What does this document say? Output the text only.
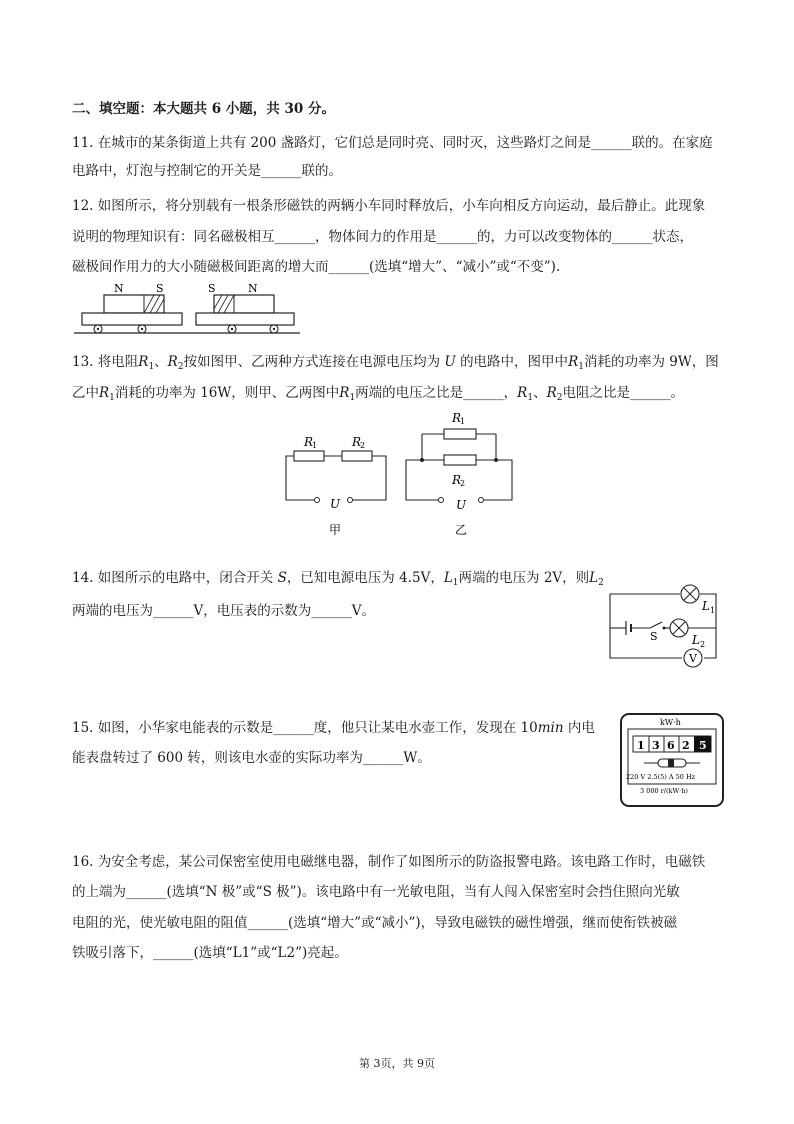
二、填空题：本大题共 6 小题，共 30 分。
11. 在城市的某条街道上共有 200 盏路灯，它们总是同时亮、同时灭，这些路灯之间是______联的。在家庭
电路中，灯泡与控制它的开关是______联的。
12. 如图所示，将分别载有一根条形磁铁的两辆小车同时释放后，小车向相反方向运动，最后静止。此现象
说明的物理知识有：同名磁极相互______，物体间力的作用是______的，力可以改变物体的______状态，
磁极间作用力的大小随磁极间距离的增大而______(选填“增大”、“减小”或“不变”).
N	S	S	N
13. 将电阻$R_1$、$R_2$按如图甲、乙两种方式连接在电源电压均为 U 的电路中，图甲中$R_1$消耗的功率为 9W，图
乙中$R_1$消耗的功率为 16W，则甲、乙两图中$R_1$两端的电压之比是______，$R_1$、$R_2$电阻之比是______。
R
1	R
2
U
甲
R
1
R
2
U
乙
14. 如图所示的电路中，闭合开关 S，已知电源电压为 4.5V，$L_1$两端的电压为 2V，则$L_2$
两端的电压为______V，电压表的示数为______V。	L 1
S	L 2
V
15. 如图，小华家电能表的示数是______度，他只让某电水壶工作，发现在 10min 内电
能表盘转过了 600 转，则该电水壶的实际功率为______W。
kW·h
1 3 6 2 5
220 V 2.5(5) A 50 Hz
3 000 r/(kW·h)
16. 为安全考虑，某公司保密室使用电磁继电器，制作了如图所示的防盗报警电路。该电路工作时，电磁铁
的上端为______(选填“N 极”或“S 极”)。该电路中有一光敏电阻，当有人闯入保密室时会挡住照向光敏
电阻的光，使光敏电阻的阻值______(选填“增大”或“减小”)，导致电磁铁的磁性增强，继而使衔铁被磁
铁吸引落下，______(选填“L1”或“L2”)亮起。
第 3页，共 9页
